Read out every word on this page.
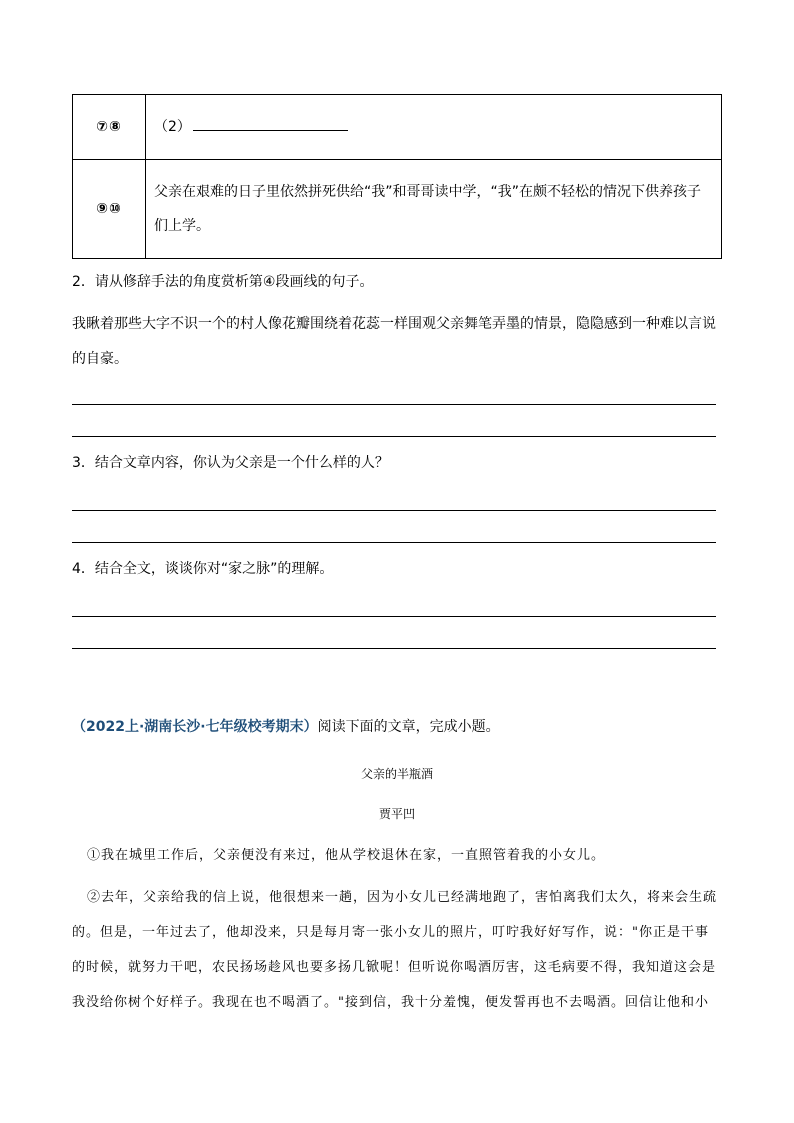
⑦⑧	（2）
⑨⑩	父亲在艰难的日子里依然拼死供给“我”和哥哥读中学，“我”在颇不轻松的情况下供养孩子们上学。

2．请从修辞手法的角度赏析第④段画线的句子。

我瞅着那些大字不识一个的村人像花瓣围绕着花蕊一样围观父亲舞笔弄墨的情景，隐隐感到一种难以言说的自豪。

3．结合文章内容，你认为父亲是一个什么样的人？

4．结合全文，谈谈你对“家之脉”的理解。

（2022上·湖南长沙·七年级校考期末）阅读下面的文章，完成小题。

父亲的半瓶酒

贾平凹

①我在城里工作后，父亲便没有来过，他从学校退休在家，一直照管着我的小女儿。

②去年，父亲给我的信上说，他很想来一趟，因为小女儿已经满地跑了，害怕离我们太久，将来会生疏的。但是，一年过去了，他却没来，只是每月寄一张小女儿的照片，叮咛我好好写作，说："你正是干事的时候，就努力干吧，农民扬场趁风也要多扬几锨呢！但听说你喝酒厉害，这毛病要不得，我知道这会是我没给你树个好样子。我现在也不喝酒了。"接到信，我十分羞愧，便发誓再也不去喝酒。回信让他和小
